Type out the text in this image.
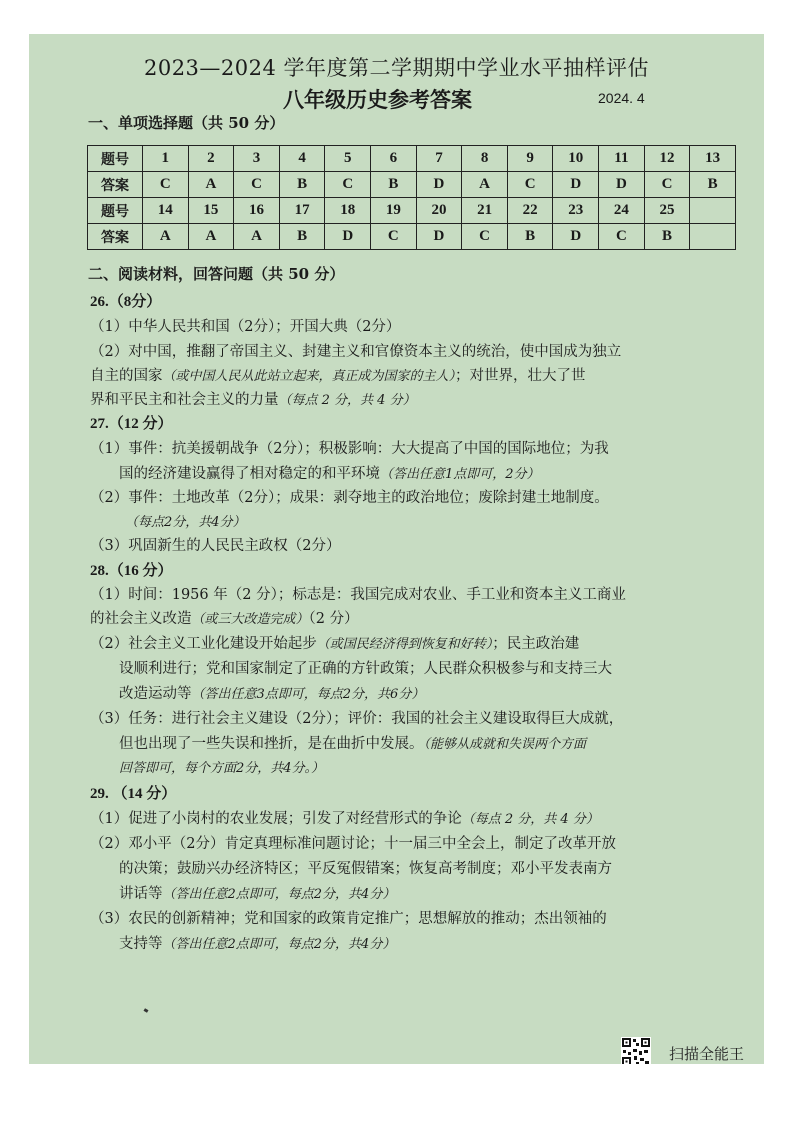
2023—2024 学年度第二学期期中学业水平抽样评估
八年级历史参考答案	2024. 4
一、单项选择题（共 50 分）
题号	1	2	3	4	5	6	7	8	9	10	11	12	13
答案	C	A	C	B	C	B	D	A	C	D	D	C	B
题号	14	15	16	17	18	19	20	21	22	23	24	25	
答案	A	A	A	B	D	C	D	C	B	D	C	B	
二、阅读材料，回答问题（共 50 分）
26.（8分）
（1）中华人民共和国（2分）；开国大典（2分）
（2）对中国，推翻了帝国主义、封建主义和官僚资本主义的统治，使中国成为独立
自主的国家（或中国人民从此站立起来，真正成为国家的主人）；对世界，壮大了世
界和平民主和社会主义的力量（每点 2 分，共 4 分）
27.（12 分）
（1）事件：抗美援朝战争（2分）；积极影响：大大提高了中国的国际地位；为我
国的经济建设赢得了相对稳定的和平环境（答出任意1点即可，2分）
（2）事件：土地改革（2分）；成果：剥夺地主的政治地位；废除封建土地制度。
（每点2分，共4分）
（3）巩固新生的人民民主政权（2分）
28.（16 分）
（1）时间：1956 年（2 分）；标志是：我国完成对农业、手工业和资本主义工商业
的社会主义改造（或三大改造完成）（2 分）
（2）社会主义工业化建设开始起步（或国民经济得到恢复和好转）；民主政治建
设顺利进行；党和国家制定了正确的方针政策；人民群众积极参与和支持三大
改造运动等（答出任意3点即可，每点2分，共6分）
（3）任务：进行社会主义建设（2分）；评价：我国的社会主义建设取得巨大成就，
但也出现了一些失误和挫折，是在曲折中发展。（能够从成就和失误两个方面
回答即可，每个方面2分，共4分。）
29. （14 分）
（1）促进了小岗村的农业发展；引发了对经营形式的争论（每点 2 分，共 4 分）
（2）邓小平（2分）肯定真理标准问题讨论；十一届三中全会上，制定了改革开放
的决策；鼓励兴办经济特区；平反冤假错案；恢复高考制度；邓小平发表南方
讲话等（答出任意2点即可，每点2分，共4分）
（3）农民的创新精神；党和国家的政策肯定推广；思想解放的推动；杰出领袖的
支持等（答出任意2点即可，每点2分，共4分）
扫描全能王
